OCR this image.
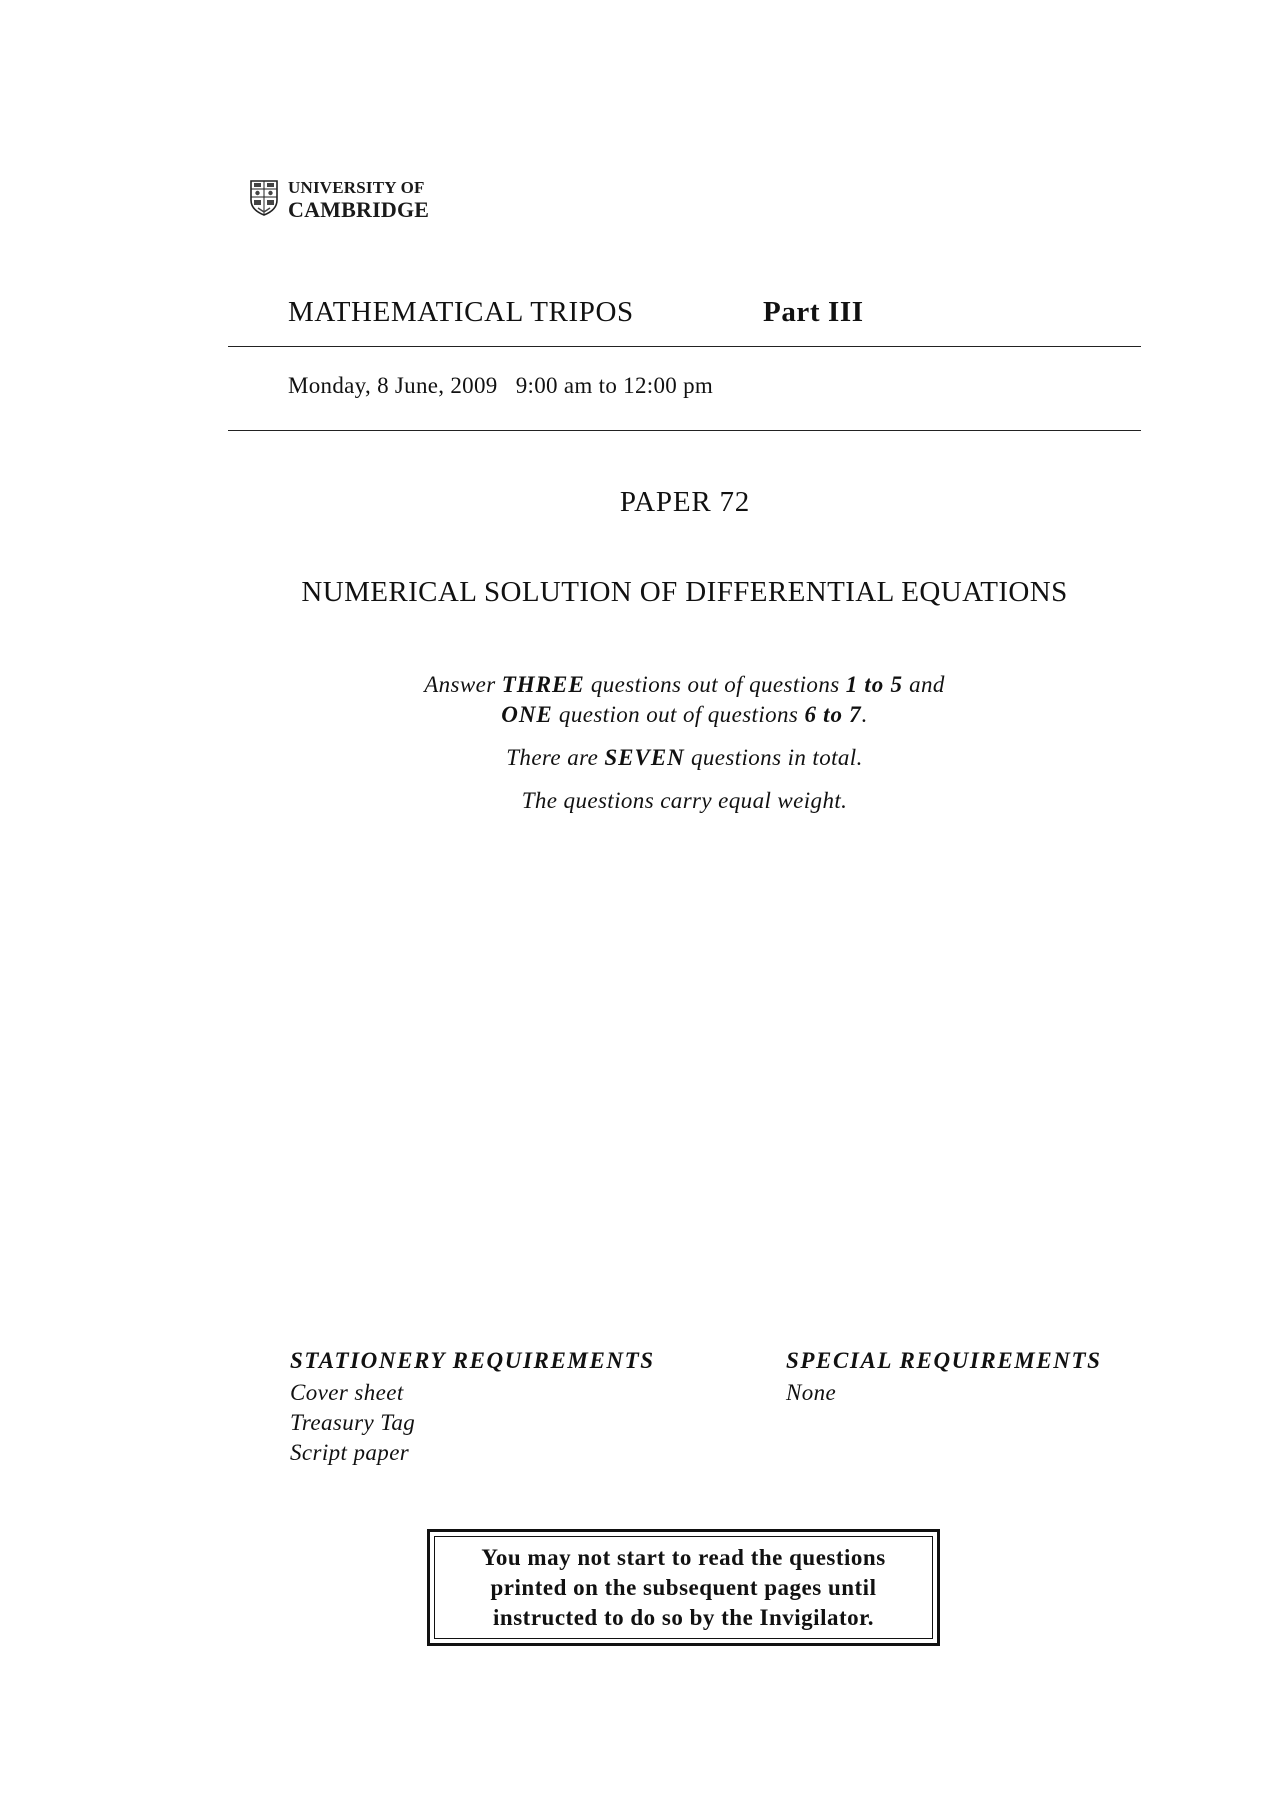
UNIVERSITY OF
CAMBRIDGE
MATHEMATICAL TRIPOS	Part III
Monday, 8 June, 2009 9:00 am to 12:00 pm
PAPER 72
NUMERICAL SOLUTION OF DIFFERENTIAL EQUATIONS
Answer THREE questions out of questions 1 to 5 and
ONE question out of questions 6 to 7.
There are SEVEN questions in total.
The questions carry equal weight.
STATIONERY REQUIREMENTS
Cover sheet
Treasury Tag
Script paper
SPECIAL REQUIREMENTS
None
You may not start to read the questions
printed on the subsequent pages until
instructed to do so by the Invigilator.
